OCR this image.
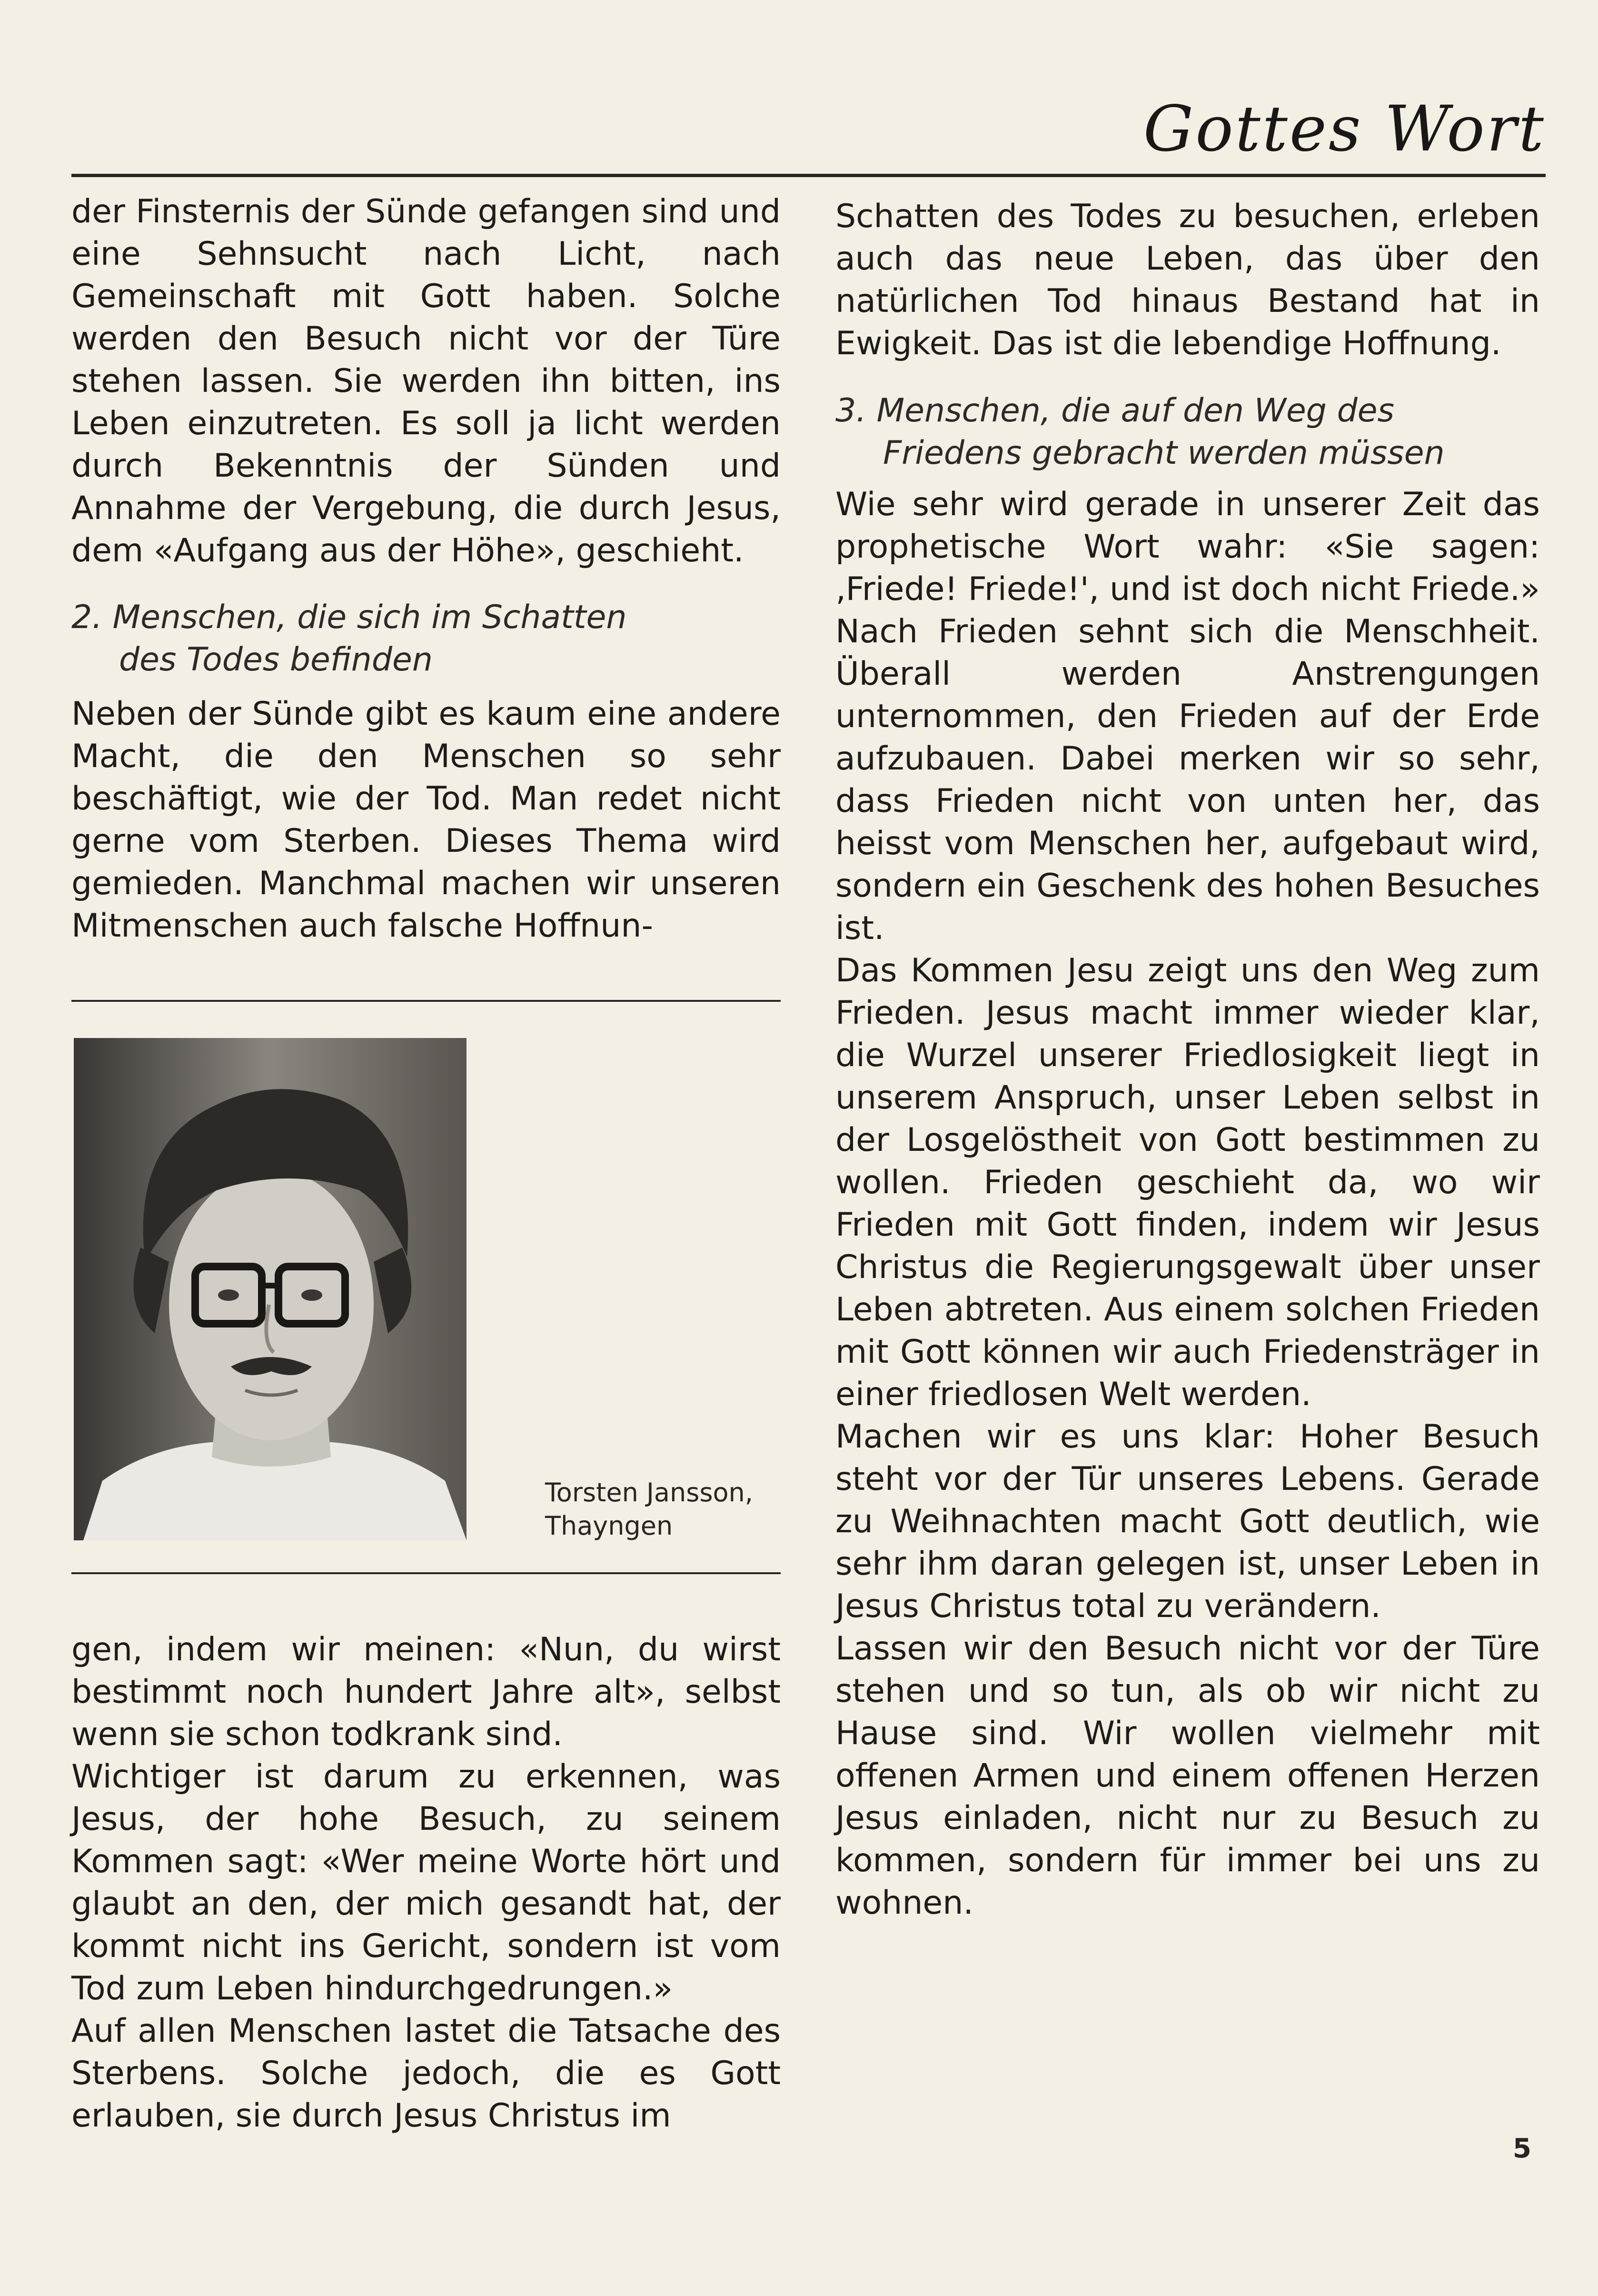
Gottes Wort

der Finsternis der Sünde gefangen sind und eine Sehnsucht nach Licht, nach Gemeinschaft mit Gott haben. Solche werden den Besuch nicht vor der Türe stehen lassen. Sie werden ihn bitten, ins Leben einzutreten. Es soll ja licht werden durch Bekenntnis der Sünden und Annahme der Vergebung, die durch Jesus, dem «Aufgang aus der Höhe», geschieht.

2. Menschen, die sich im Schatten
des Todes befinden

Neben der Sünde gibt es kaum eine andere Macht, die den Menschen so sehr beschäftigt, wie der Tod. Man redet nicht gerne vom Sterben. Dieses Thema wird gemieden. Manchmal machen wir unseren Mitmenschen auch falsche Hoffnun-

Torsten Jansson,
Thayngen

gen, indem wir meinen: «Nun, du wirst bestimmt noch hundert Jahre alt», selbst wenn sie schon todkrank sind.

Wichtiger ist darum zu erkennen, was Jesus, der hohe Besuch, zu seinem Kommen sagt: «Wer meine Worte hört und glaubt an den, der mich gesandt hat, der kommt nicht ins Gericht, sondern ist vom Tod zum Leben hindurchgedrungen.»

Auf allen Menschen lastet die Tatsache des Sterbens. Solche jedoch, die es Gott erlauben, sie durch Jesus Christus im

Schatten des Todes zu besuchen, erleben auch das neue Leben, das über den natürlichen Tod hinaus Bestand hat in Ewigkeit. Das ist die lebendige Hoffnung.

3. Menschen, die auf den Weg des
Friedens gebracht werden müssen

Wie sehr wird gerade in unserer Zeit das prophetische Wort wahr: «Sie sagen: ‚Friede! Friede!', und ist doch nicht Friede.» Nach Frieden sehnt sich die Menschheit. Überall werden Anstrengungen unternommen, den Frieden auf der Erde aufzubauen. Dabei merken wir so sehr, dass Frieden nicht von unten her, das heisst vom Menschen her, aufgebaut wird, sondern ein Geschenk des hohen Besuches ist.

Das Kommen Jesu zeigt uns den Weg zum Frieden. Jesus macht immer wieder klar, die Wurzel unserer Friedlosigkeit liegt in unserem Anspruch, unser Leben selbst in der Losgelöstheit von Gott bestimmen zu wollen. Frieden geschieht da, wo wir Frieden mit Gott finden, indem wir Jesus Christus die Regierungsgewalt über unser Leben abtreten. Aus einem solchen Frieden mit Gott können wir auch Friedensträger in einer friedlosen Welt werden.

Machen wir es uns klar: Hoher Besuch steht vor der Tür unseres Lebens. Gerade zu Weihnachten macht Gott deutlich, wie sehr ihm daran gelegen ist, unser Leben in Jesus Christus total zu verändern.

Lassen wir den Besuch nicht vor der Türe stehen und so tun, als ob wir nicht zu Hause sind. Wir wollen vielmehr mit offenen Armen und einem offenen Herzen Jesus einladen, nicht nur zu Besuch zu kommen, sondern für immer bei uns zu wohnen.

5
